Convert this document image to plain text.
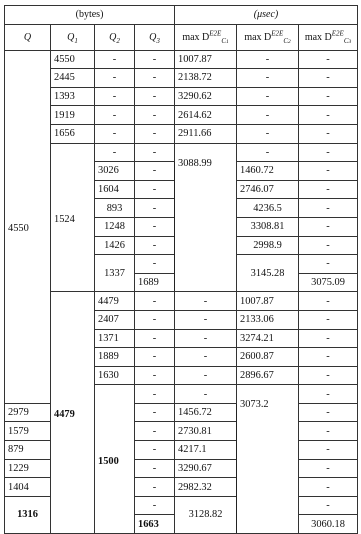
(bytes)				(μsec)			
Q	$Q_1$	$Q_2$	$Q_3$	$\max D^{E2E}_{C1}$	$\max D^{E2E}_{C2}$	$\max D^{E2E}_{C3}$

4550	4550	-	-	1007.87	-	-	
	2445	-	-	2138.72	-	-	
	1393	-	-	3290.62	-	-	
	1919	-	-	2614.62	-	-	
	1656	-	-	2911.66	-	-	

	1524	-	-	3088.99	-	-	
		3026	-		1460.72	-	
		1604	-		2746.07	-	
		893	-		4236.5	-	
		1248	-		3308.81	-	
		1426	-		2998.9	-	
		1337	-		3145.28	-	
			1689			3075.09	

	4479	4479	-	-	1007.87	-	
		2407	-	-	2133.06	-	
		1371	-	-	3274.21	-	
		1889	-	-	2600.87	-	
		1630	-	-	2896.67	-	

		1500	-	-	3073.2	-	
2979			-	1456.72		-	
1579			-	2730.81		-	
879			-	4217.1		-	
1229			-	3290.67		-	
1404			-	2982.32		-	
1316			-	3128.82		-	
			1663			3060.18	
